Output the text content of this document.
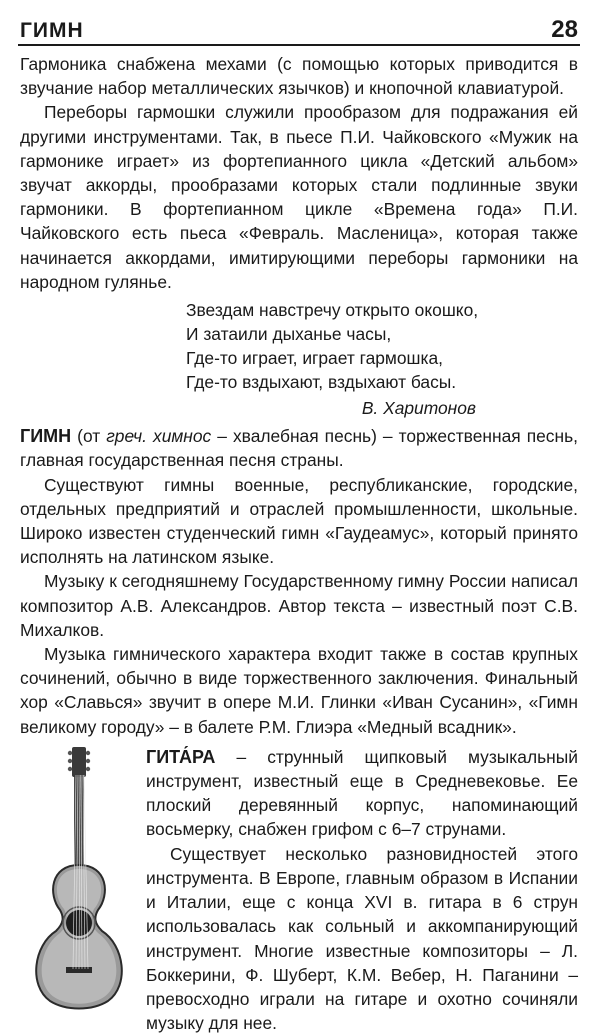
ГИМН	28

Гармоника снабжена мехами (с помощью которых приводится в звучание набор металлических язычков) и кнопочной клавиатурой.

Переборы гармошки служили прообразом для подражания ей другими инструментами. Так, в пьесе П.И. Чайковского «Мужик на гармонике играет» из фортепианного цикла «Детский альбом» звучат аккорды, прообразами которых стали подлинные звуки гармоники. В фортепианном цикле «Времена года» П.И. Чайковского есть пьеса «Февраль. Масленица», которая также начинается аккордами, имитирующими переборы гармоники на народном гулянье.

Звездам навстречу открыто окошко,
И затаили дыханье часы,
Где-то играет, играет гармошка,
Где-то вздыхают, вздыхают басы.
В. Харитонов

ГИМН (от греч. химнос – хвалебная песнь) – торжественная песнь, главная государственная песня страны.

Существуют гимны военные, республиканские, городские, отдельных предприятий и отраслей промышленности, школьные. Широко известен студенческий гимн «Гаудеамус», который принято исполнять на латинском языке.

Музыку к сегодняшнему Государственному гимну России написал композитор А.В. Александров. Автор текста – известный поэт С.В. Михалков.

Музыка гимнического характера входит также в состав крупных сочинений, обычно в виде торжественного заключения. Финальный хор «Славься» звучит в опере М.И. Глинки «Иван Сусанин», «Гимн великому городу» – в балете Р.М. Глиэра «Медный всадник».

ГИТА́РА – струнный щипковый музыкальный инструмент, известный еще в Средневековье. Ее плоский деревянный корпус, напоминающий восьмерку, снабжен грифом с 6–7 струнами.

Существует несколько разновидностей этого инструмента. В Европе, главным образом в Испании и Италии, еще с конца XVI в. гитара в 6 струн использовалась как сольный и аккомпанирующий инструмент. Многие известные композиторы – Л. Боккерини, Ф. Шуберт, К.М. Вебер, Н. Паганини – превосходно играли на гитаре и охотно сочиняли музыку для нее.
